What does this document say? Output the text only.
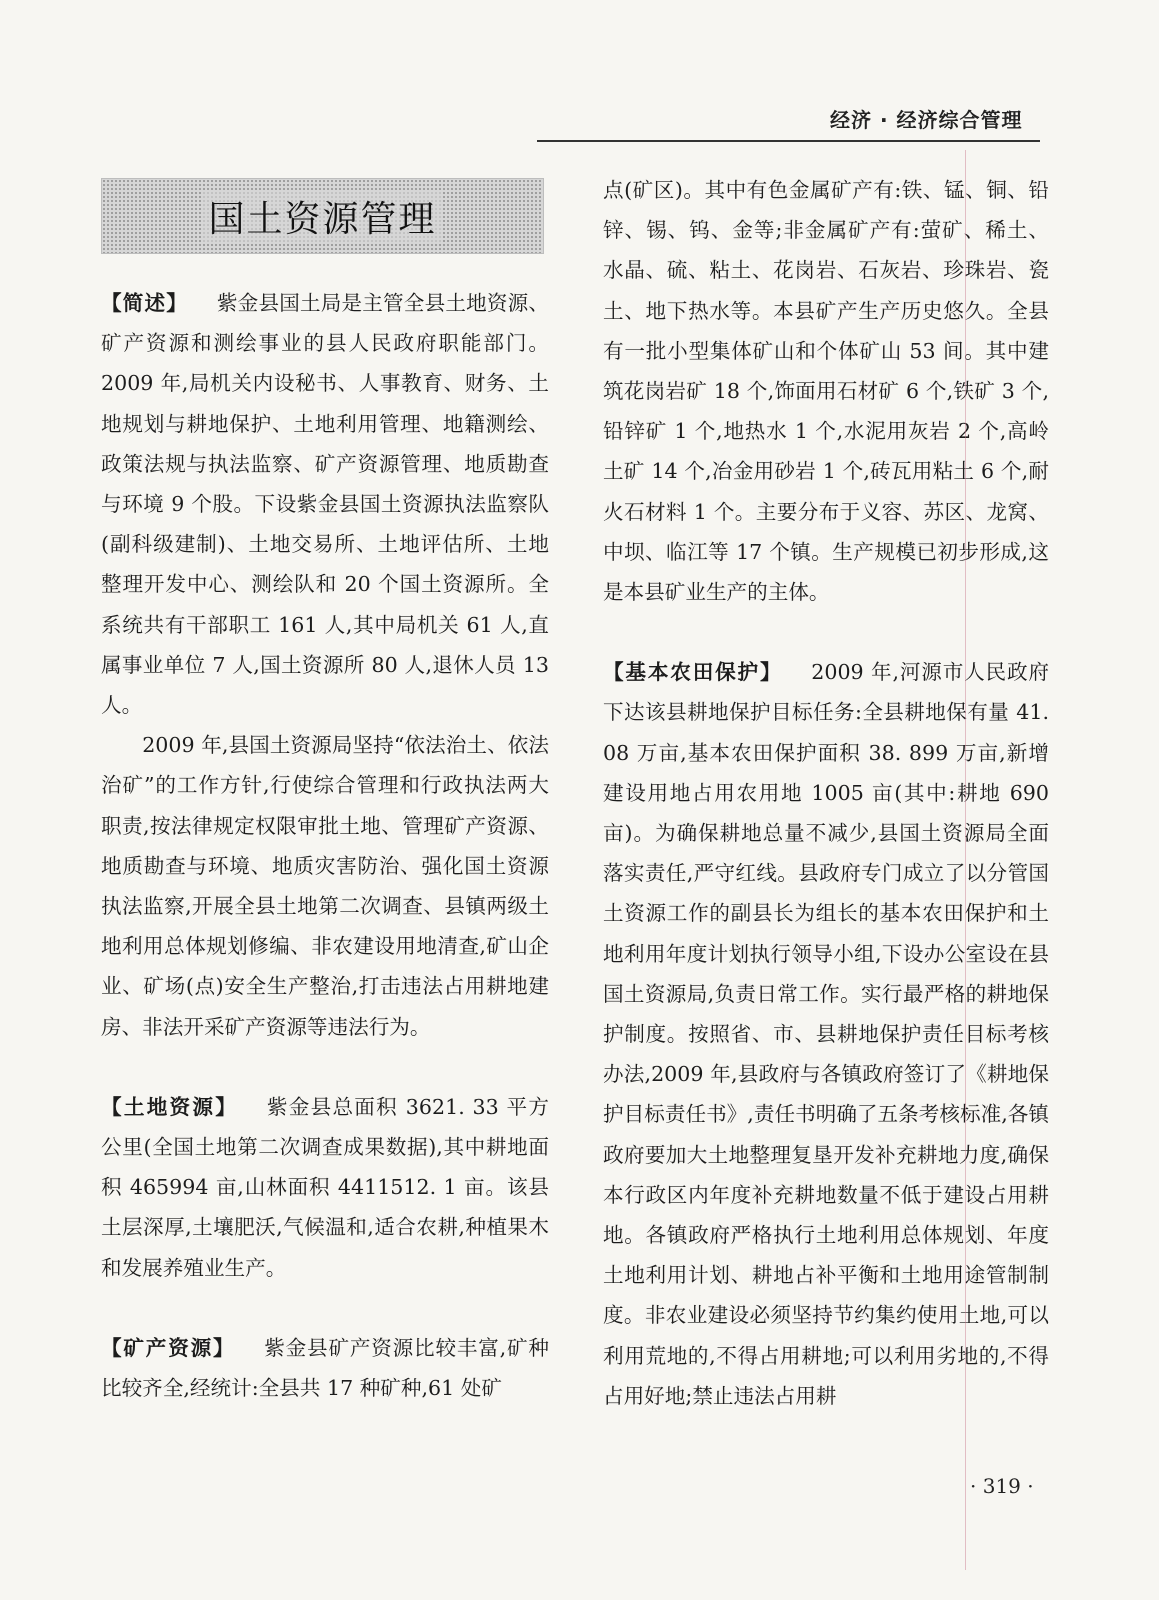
经济 · 经济综合管理
国土资源管理

【简述】 紫金县国土局是主管全县土地资源、矿产资源和测绘事业的县人民政府职能部门。2009 年,局机关内设秘书、人事教育、财务、土地规划与耕地保护、土地利用管理、地籍测绘、政策法规与执法监察、矿产资源管理、地质勘查与环境 9 个股。下设紫金县国土资源执法监察队(副科级建制)、土地交易所、土地评估所、土地整理开发中心、测绘队和 20 个国土资源所。全系统共有干部职工 161 人,其中局机关 61 人,直属事业单位 7 人,国土资源所 80 人,退休人员 13 人。

2009 年,县国土资源局坚持“依法治土、依法治矿”的工作方针,行使综合管理和行政执法两大职责,按法律规定权限审批土地、管理矿产资源、地质勘查与环境、地质灾害防治、强化国土资源执法监察,开展全县土地第二次调查、县镇两级土地利用总体规划修编、非农建设用地清查,矿山企业、矿场(点)安全生产整治,打击违法占用耕地建房、非法开采矿产资源等违法行为。

【土地资源】 紫金县总面积 3621. 33 平方公里(全国土地第二次调查成果数据),其中耕地面积 465994 亩,山林面积 4411512. 1 亩。该县土层深厚,土壤肥沃,气候温和,适合农耕,种植果木和发展养殖业生产。

【矿产资源】 紫金县矿产资源比较丰富,矿种比较齐全,经统计:全县共 17 种矿种,61 处矿

点(矿区)。其中有色金属矿产有:铁、锰、铜、铅锌、锡、钨、金等;非金属矿产有:萤矿、稀土、水晶、硫、粘土、花岗岩、石灰岩、珍珠岩、瓷土、地下热水等。本县矿产生产历史悠久。全县有一批小型集体矿山和个体矿山 53 间。其中建筑花岗岩矿 18 个,饰面用石材矿 6 个,铁矿 3 个,铅锌矿 1 个,地热水 1 个,水泥用灰岩 2 个,高岭土矿 14 个,冶金用砂岩 1 个,砖瓦用粘土 6 个,耐火石材料 1 个。主要分布于义容、苏区、龙窝、中坝、临江等 17 个镇。生产规模已初步形成,这是本县矿业生产的主体。

【基本农田保护】 2009 年,河源市人民政府下达该县耕地保护目标任务:全县耕地保有量 41. 08 万亩,基本农田保护面积 38. 899 万亩,新增建设用地占用农用地 1005 亩(其中:耕地 690 亩)。为确保耕地总量不减少,县国土资源局全面落实责任,严守红线。县政府专门成立了以分管国土资源工作的副县长为组长的基本农田保护和土地利用年度计划执行领导小组,下设办公室设在县国土资源局,负责日常工作。实行最严格的耕地保护制度。按照省、市、县耕地保护责任目标考核办法,2009 年,县政府与各镇政府签订了《耕地保护目标责任书》,责任书明确了五条考核标准,各镇政府要加大土地整理复垦开发补充耕地力度,确保本行政区内年度补充耕地数量不低于建设占用耕地。各镇政府严格执行土地利用总体规划、年度土地利用计划、耕地占补平衡和土地用途管制制度。非农业建设必须坚持节约集约使用土地,可以利用荒地的,不得占用耕地;可以利用劣地的,不得占用好地;禁止违法占用耕

· 319 ·
